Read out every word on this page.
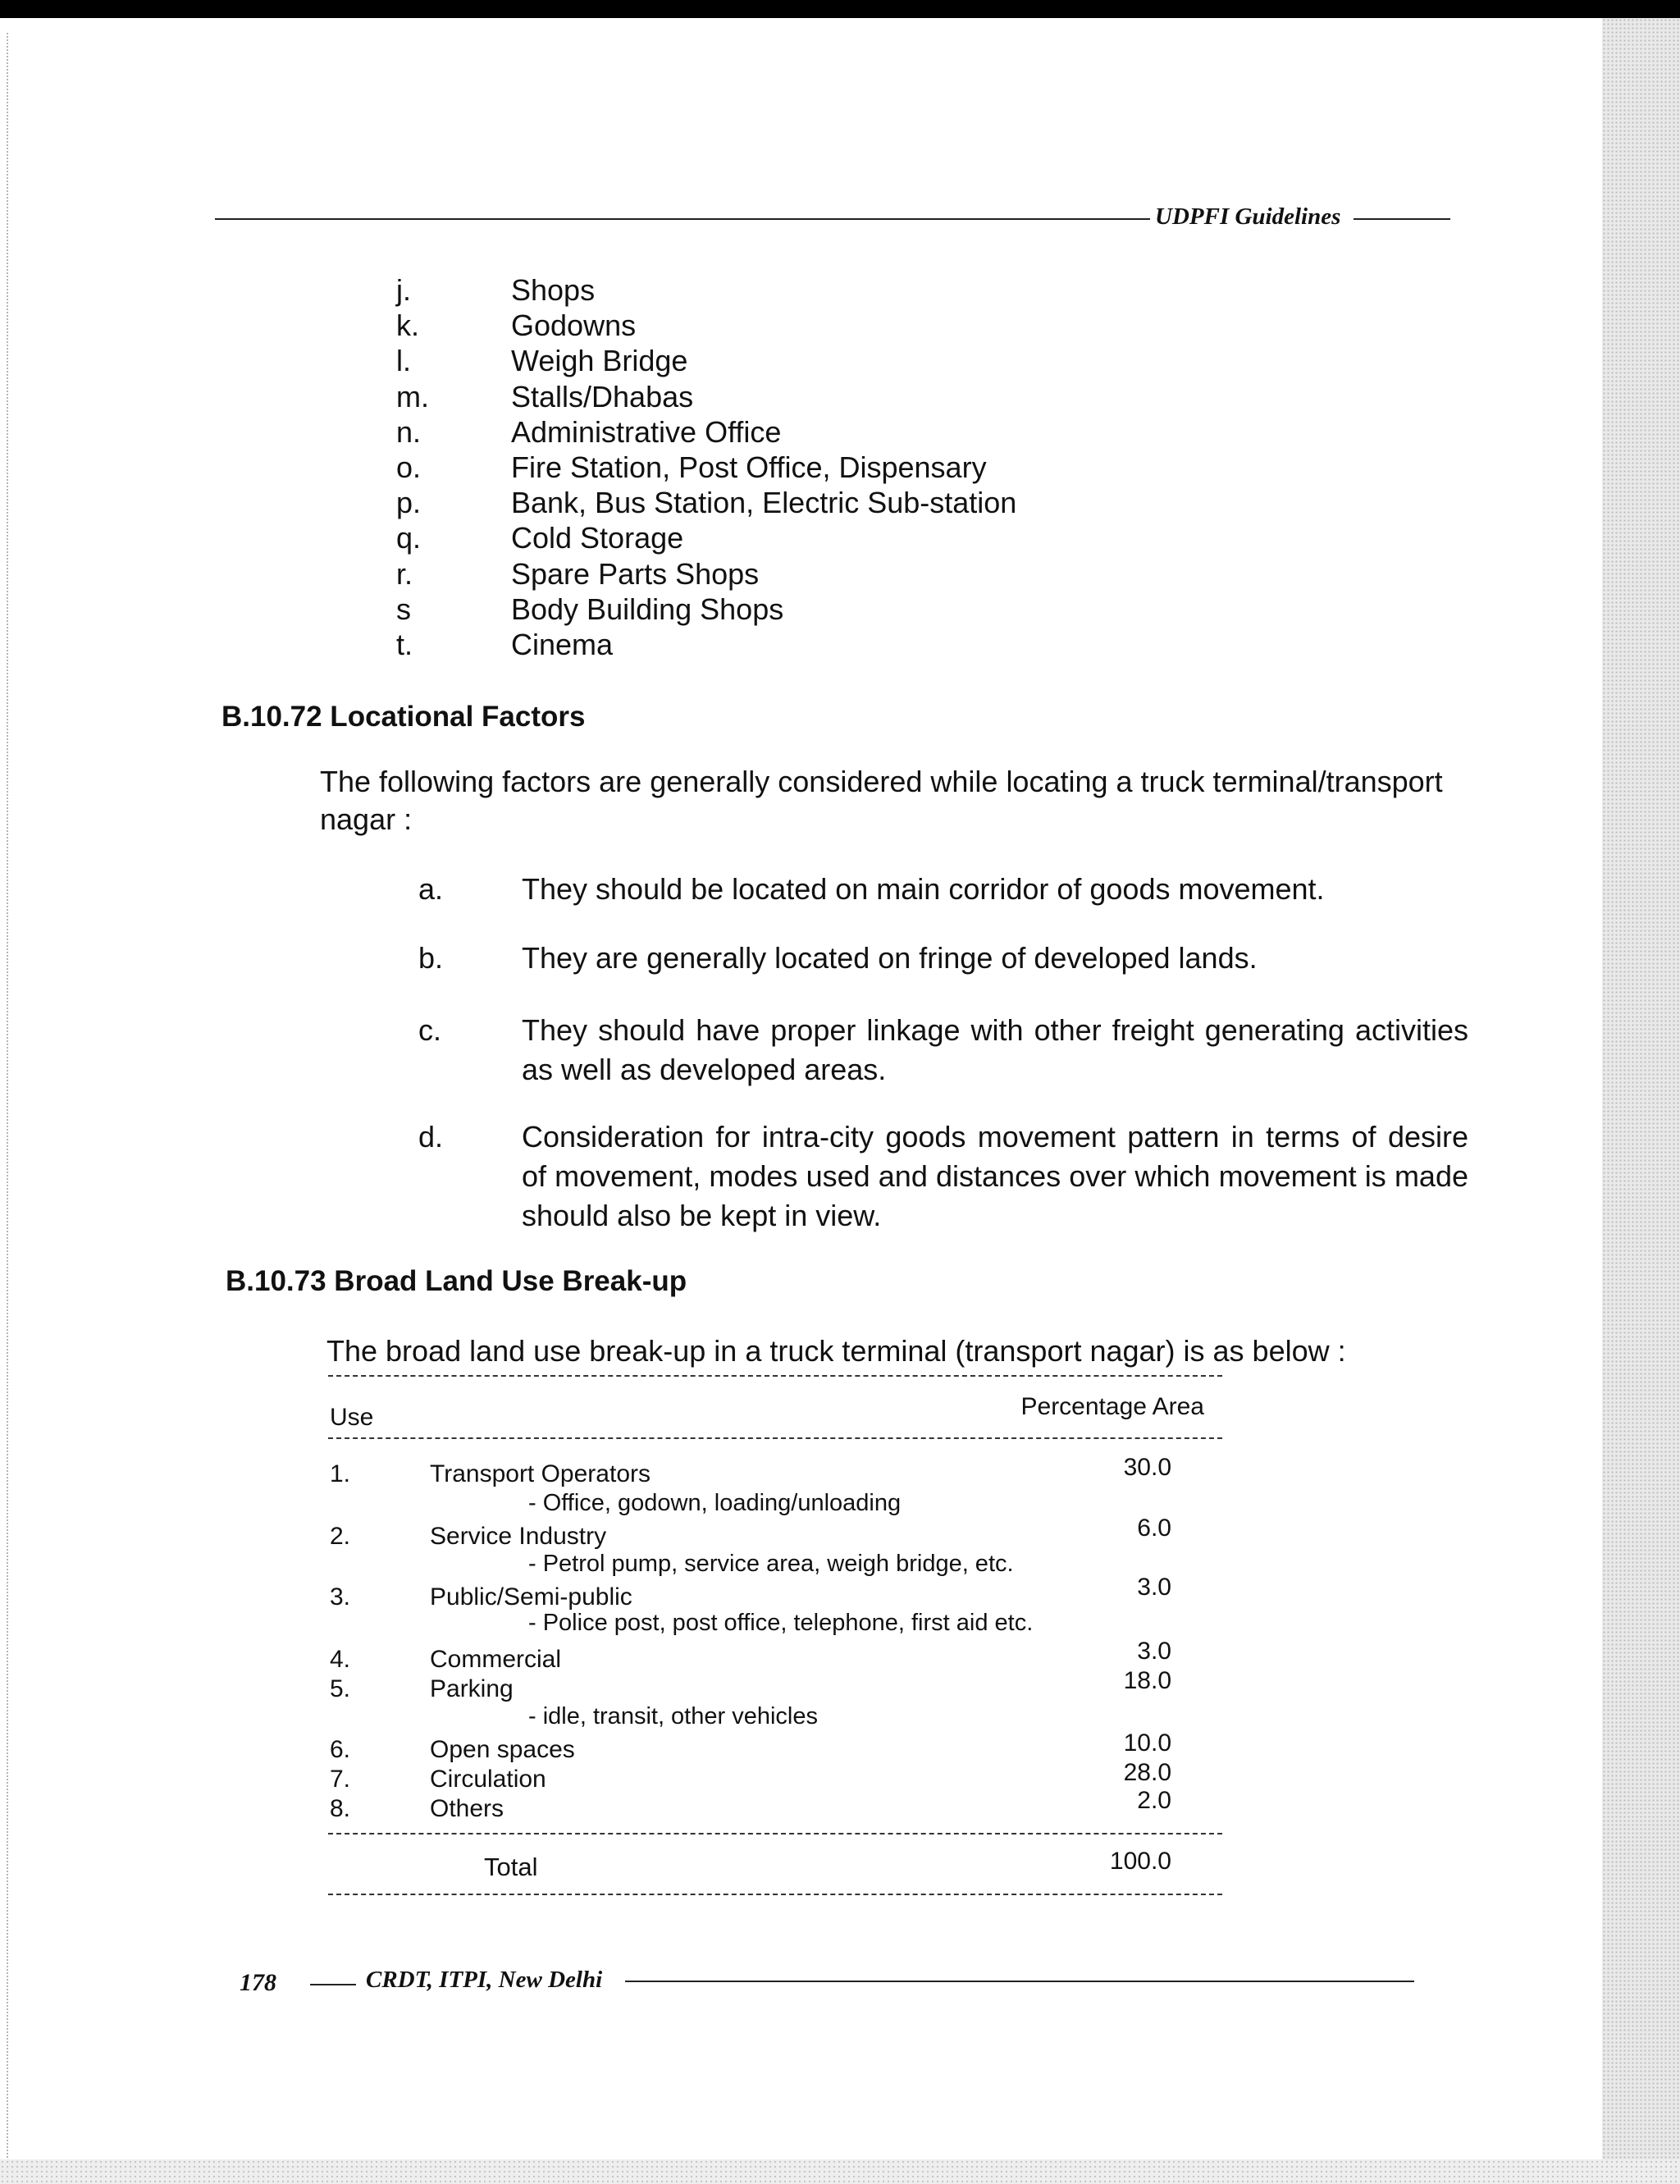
UDPFI Guidelines
j.	Shops
k.	Godowns
l.	Weigh Bridge
m.	Stalls/Dhabas
n.	Administrative Office
o.	Fire Station, Post Office, Dispensary
p.	Bank, Bus Station, Electric Sub-station
q.	Cold Storage
r.	Spare Parts Shops
s	Body Building Shops
t.	Cinema
B.10.72 Locational Factors

The following factors are generally considered while locating a truck terminal/transport nagar :

a.	They should be located on main corridor of goods movement.
b.	They are generally located on fringe of developed lands.
c.	They should have proper linkage with other freight generating activities as well as developed areas.
d.	Consideration for intra-city goods movement pattern in terms of desire of movement, modes used and distances over which movement is made should also be kept in view.
B.10.73 Broad Land Use Break-up

The broad land use break-up in a truck terminal (transport nagar) is as below :

Use	Percentage Area
1.	Transport Operators	30.0
- Office, godown, loading/unloading
2.	Service Industry	6.0
- Petrol pump, service area, weigh bridge, etc.
3.	Public/Semi-public	3.0
- Police post, post office, telephone, first aid etc.
4.	Commercial	3.0
5.	Parking	18.0
- idle, transit, other vehicles
6.	Open spaces	10.0
7.	Circulation	28.0
8.	Others	2.0
Total	100.0
178	CRDT, ITPI, New Delhi
